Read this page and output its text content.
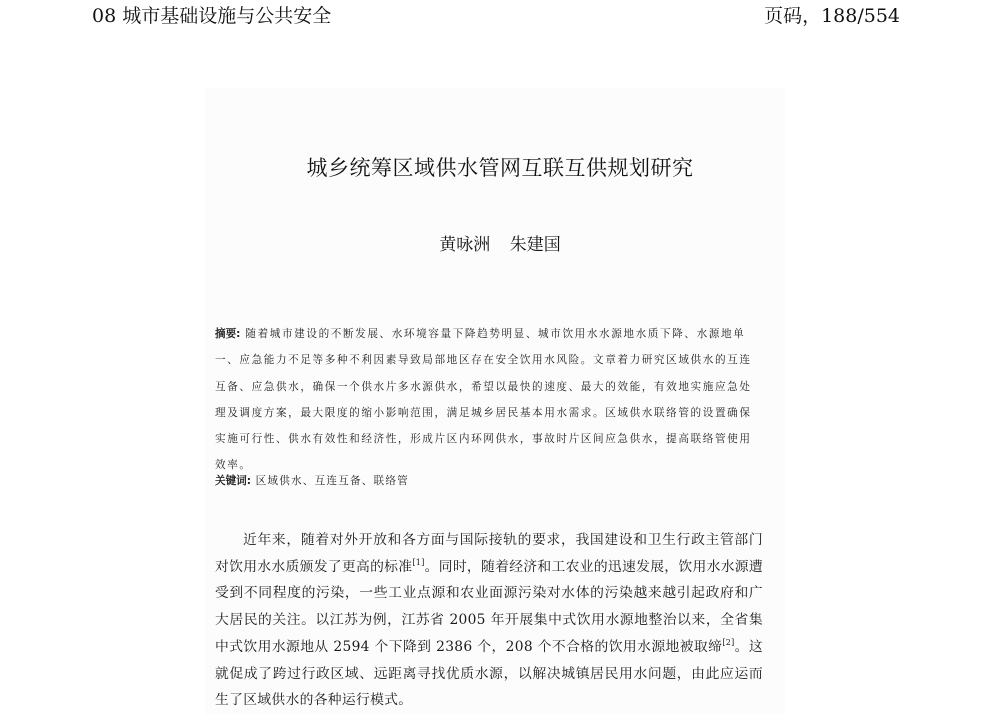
08 城市基础设施与公共安全	页码，188/554
城乡统筹区域供水管网互联互供规划研究
黄咏洲 朱建国
摘要: 随着城市建设的不断发展、水环境容量下降趋势明显、城市饮用水水源地水质下降、水源地单一、应急能力不足等多种不利因素导致局部地区存在安全饮用水风险。文章着力研究区域供水的互连互备、应急供水，确保一个供水片多水源供水，希望以最快的速度、最大的效能，有效地实施应急处理及调度方案，最大限度的缩小影响范围，满足城乡居民基本用水需求。区域供水联络管的设置确保实施可行性、供水有效性和经济性，形成片区内环网供水，事故时片区间应急供水，提高联络管使用效率。
关键词: 区域供水、互连互备、联络管
近年来，随着对外开放和各方面与国际接轨的要求，我国建设和卫生行政主管部门对饮用水水质颁发了更高的标准[1]。同时，随着经济和工农业的迅速发展，饮用水水源遭受到不同程度的污染，一些工业点源和农业面源污染对水体的污染越来越引起政府和广大居民的关注。以江苏为例，江苏省 2005 年开展集中式饮用水源地整治以来，全省集中式饮用水源地从 2594 个下降到 2386 个，208 个不合格的饮用水源地被取缔[2]。这就促成了跨过行政区域、远距离寻找优质水源，以解决城镇居民用水问题，由此应运而生了区域供水的各种运行模式。
